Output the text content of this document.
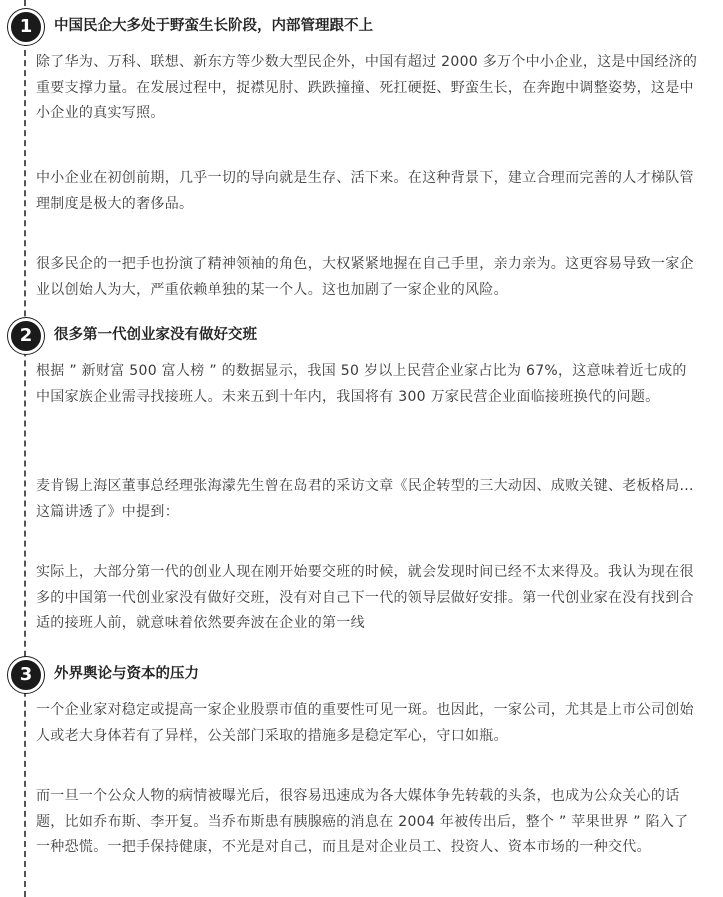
1	中国民企大多处于野蛮生长阶段，内部管理跟不上

除了华为、万科、联想、新东方等少数大型民企外，中国有超过 2000 多万个中小企业，这是中国经济的重要支撑力量。在发展过程中，捉襟见肘、跌跌撞撞、死扛硬挺、野蛮生长，在奔跑中调整姿势，这是中小企业的真实写照。

中小企业在初创前期，几乎一切的导向就是生存、活下来。在这种背景下，建立合理而完善的人才梯队管理制度是极大的奢侈品。

很多民企的一把手也扮演了精神领袖的角色，大权紧紧地握在自己手里，亲力亲为。这更容易导致一家企业以创始人为大，严重依赖单独的某一个人。这也加剧了一家企业的风险。

2	很多第一代创业家没有做好交班

根据 ” 新财富 500 富人榜 ” 的数据显示，我国 50 岁以上民营企业家占比为 67%，这意味着近七成的中国家族企业需寻找接班人。未来五到十年内，我国将有 300 万家民营企业面临接班换代的问题。

麦肯锡上海区董事总经理张海濛先生曾在岛君的采访文章《民企转型的三大动因、成败关键、老板格局...这篇讲透了》中提到：

实际上，大部分第一代的创业人现在刚开始要交班的时候，就会发现时间已经不太来得及。我认为现在很多的中国第一代创业家没有做好交班，没有对自己下一代的领导层做好安排。第一代创业家在没有找到合适的接班人前，就意味着依然要奔波在企业的第一线

3	外界舆论与资本的压力

一个企业家对稳定或提高一家企业股票市值的重要性可见一斑。也因此，一家公司，尤其是上市公司创始人或老大身体若有了异样，公关部门采取的措施多是稳定军心，守口如瓶。

而一旦一个公众人物的病情被曝光后，很容易迅速成为各大媒体争先转载的头条，也成为公众关心的话题，比如乔布斯、李开复。当乔布斯患有胰腺癌的消息在 2004 年被传出后，整个 ” 苹果世界 ” 陷入了一种恐慌。一把手保持健康，不光是对自己，而且是对企业员工、投资人、资本市场的一种交代。
